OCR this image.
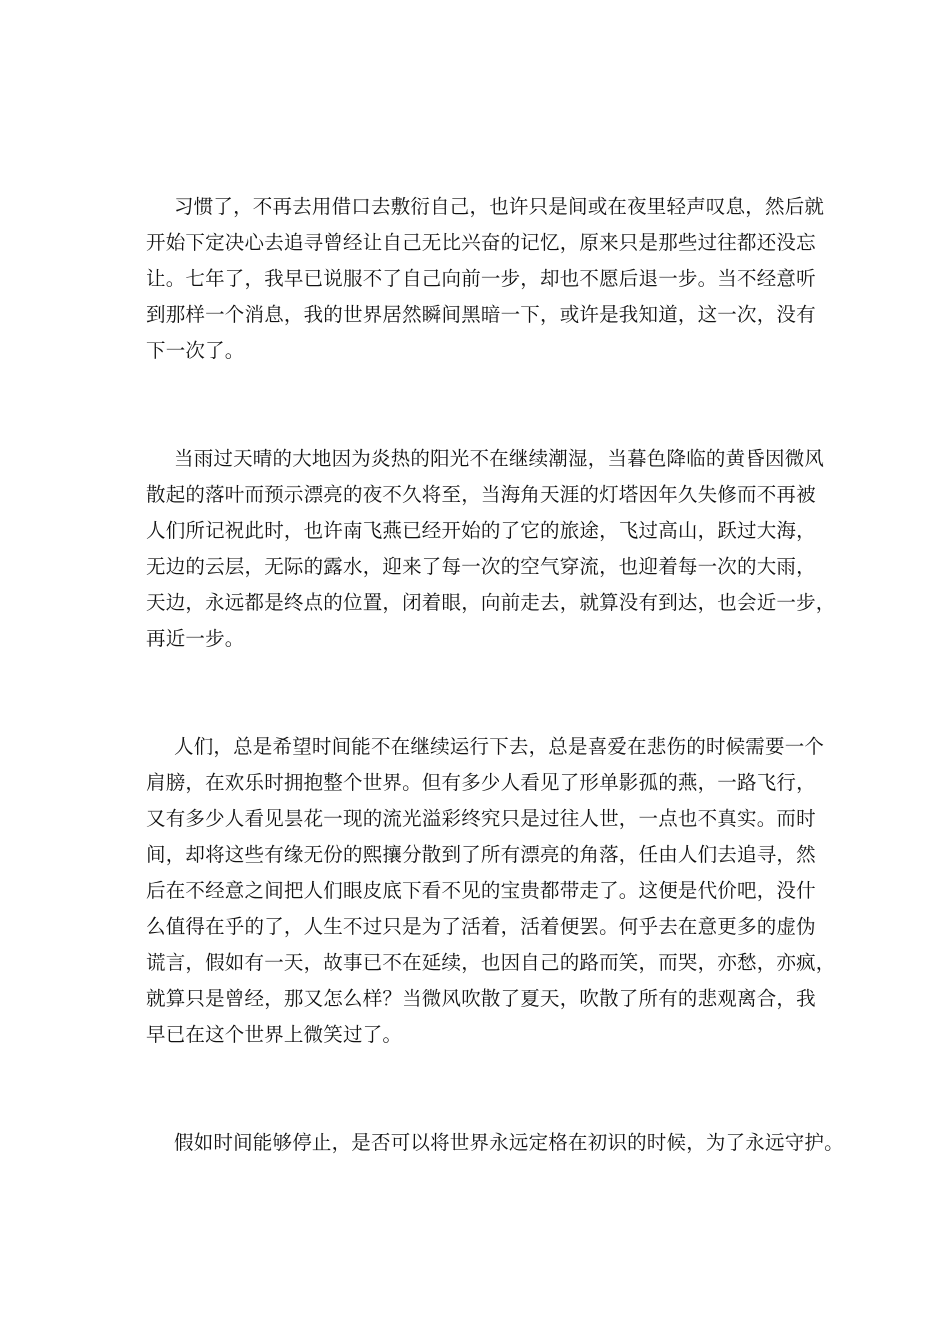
习惯了，不再去用借口去敷衍自己，也许只是间或在夜里轻声叹息，然后就
开始下定决心去追寻曾经让自己无比兴奋的记忆，原来只是那些过往都还没忘
让。七年了，我早已说服不了自己向前一步，却也不愿后退一步。当不经意听
到那样一个消息，我的世界居然瞬间黑暗一下，或许是我知道，这一次，没有
下一次了。
当雨过天晴的大地因为炎热的阳光不在继续潮湿，当暮色降临的黄昏因微风
散起的落叶而预示漂亮的夜不久将至，当海角天涯的灯塔因年久失修而不再被
人们所记祝此时，也许南飞燕已经开始的了它的旅途，飞过高山，跃过大海，
无边的云层，无际的露水，迎来了每一次的空气穿流，也迎着每一次的大雨，
天边，永远都是终点的位置，闭着眼，向前走去，就算没有到达，也会近一步，
再近一步。
人们，总是希望时间能不在继续运行下去，总是喜爱在悲伤的时候需要一个
肩膀，在欢乐时拥抱整个世界。但有多少人看见了形单影孤的燕，一路飞行，
又有多少人看见昙花一现的流光溢彩终究只是过往人世，一点也不真实。而时
间，却将这些有缘无份的熙攘分散到了所有漂亮的角落，任由人们去追寻，然
后在不经意之间把人们眼皮底下看不见的宝贵都带走了。这便是代价吧，没什
么值得在乎的了，人生不过只是为了活着，活着便罢。何乎去在意更多的虚伪
谎言，假如有一天，故事已不在延续，也因自己的路而笑，而哭，亦愁，亦疯，
就算只是曾经，那又怎么样？当微风吹散了夏天，吹散了所有的悲观离合，我
早已在这个世界上微笑过了。
假如时间能够停止，是否可以将世界永远定格在初识的时候，为了永远守护。
